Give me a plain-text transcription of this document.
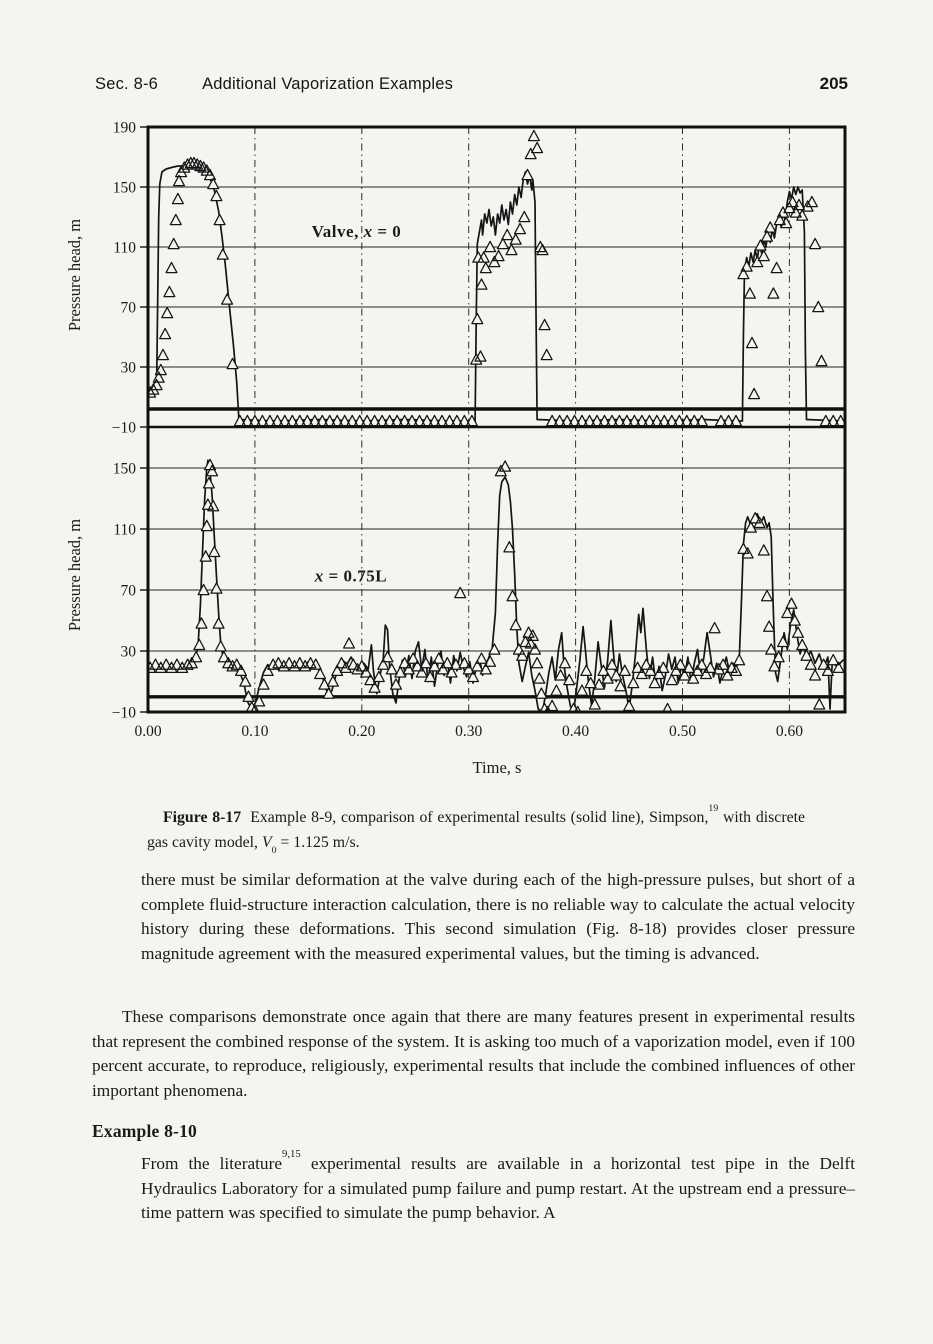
Sec. 8-6	Additional Vaporization Examples	205
190
150
110
70
30
−10
Valve, x = 0
Pressure head, m
150
110
70
30
−10
x = 0.75L
Pressure head, m
0.00	0.10	0.20	0.30	0.40	0.50	0.60
Time, s
Figure 8-17 Example 8-9, comparison of experimental results (solid line), Simpson,$^{19}$ with discrete gas cavity model, $V_0 = 1.125$ m/s.
there must be similar deformation at the valve during each of the high-pressure pulses, but short of a complete fluid-structure interaction calculation, there is no reliable way to calculate the actual velocity history during these deformations. This second simulation (Fig. 8-18) provides closer pressure magnitude agreement with the measured experimental values, but the timing is advanced.
These comparisons demonstrate once again that there are many features present in experimental results that represent the combined response of the system. It is asking too much of a vaporization model, even if 100 percent accurate, to reproduce, religiously, experimental results that include the combined influences of other important phenomena.
Example 8-10
From the literature$^{9,15}$ experimental results are available in a horizontal test pipe in the Delft Hydraulics Laboratory for a simulated pump failure and pump restart. At the upstream end a pressure–time pattern was specified to simulate the pump behavior. A
